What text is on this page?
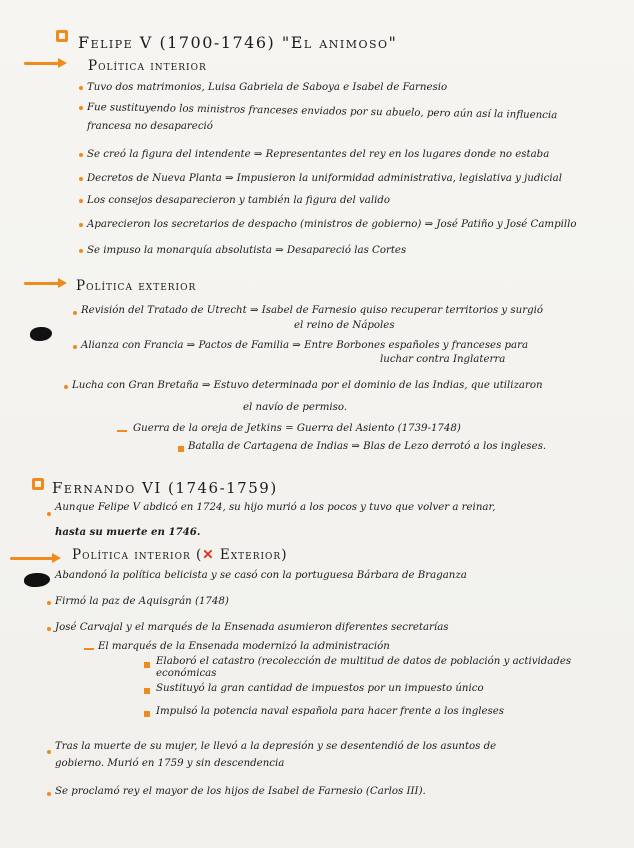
Felipe V (1700-1746) "El animoso"
Política interior
Tuvo dos matrimonios, Luisa Gabriela de Saboya e Isabel de Farnesio
Fue sustituyendo los ministros franceses enviados por su abuelo, pero aún así la influencia
francesa no desapareció
Se creó la figura del intendente ⇒ Representantes del rey en los lugares donde no estaba
Decretos de Nueva Planta ⇒ Impusieron la uniformidad administrativa, legislativa y judicial
Los consejos desaparecieron y también la figura del valido
Aparecieron los secretarios de despacho (ministros de gobierno) ⇒ José Patiño y José Campillo
Se impuso la monarquía absolutista ⇒ Desapareció las Cortes
Política exterior
Revisión del Tratado de Utrecht ⇒ Isabel de Farnesio quiso recuperar territorios y surgió
el reino de Nápoles
Alianza con Francia ⇒ Pactos de Familia ⇒ Entre Borbones españoles y franceses para
luchar contra Inglaterra
Lucha con Gran Bretaña ⇒ Estuvo determinada por el dominio de las Indias, que utilizaron
el navío de permiso.
Guerra de la oreja de Jetkins = Guerra del Asiento (1739-1748)
Batalla de Cartagena de Indias ⇒ Blas de Lezo derrotó a los ingleses.
Fernando VI (1746-1759)
Aunque Felipe V abdicó en 1724, su hijo murió a los pocos y tuvo que volver a reinar,
hasta su muerte en 1746.
Política interior (✕ Exterior)
Abandonó la política belicista y se casó con la portuguesa Bárbara de Braganza
Firmó la paz de Aquisgrán (1748)
José Carvajal y el marqués de la Ensenada asumieron diferentes secretarías
El marqués de la Ensenada modernizó la administración
Elaboró el catastro (recolección de multitud de datos de población y actividades
económicas
Sustituyó la gran cantidad de impuestos por un impuesto único
Impulsó la potencia naval española para hacer frente a los ingleses
Tras la muerte de su mujer, le llevó a la depresión y se desentendió de los asuntos de
gobierno. Murió en 1759 y sin descendencia
Se proclamó rey el mayor de los hijos de Isabel de Farnesio (Carlos III).
